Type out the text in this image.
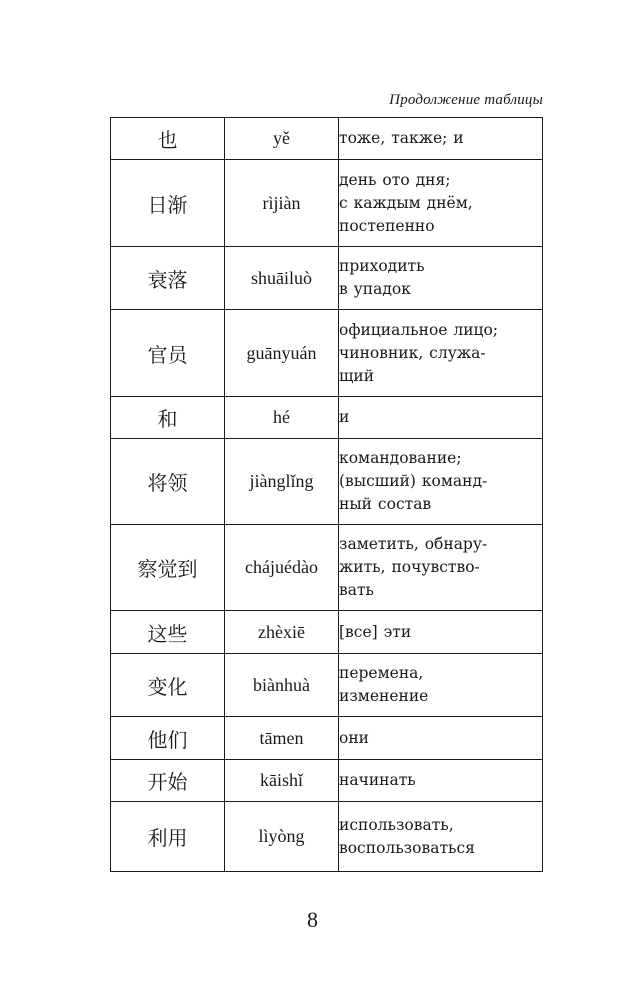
Продолжение таблицы
也	yě	тоже, также; и
日渐	rìjiàn	день ото дня;
с каждым днём,
постепенно
衰落	shuāiluò	приходить
в упадок
官员	guānyuán	официальное лицо;
чиновник, служа-
щий
和	hé	и
将领	jiànglǐng	командование;
(высший) команд-
ный состав
察觉到	chájuédào	заметить, обнару-
жить, почувство-
вать
这些	zhèxiē	[все] эти
变化	biànhuà	перемена,
изменение
他们	tāmen	они
开始	kāishǐ	начинать
利用	lìyòng	использовать,
воспользоваться
8
